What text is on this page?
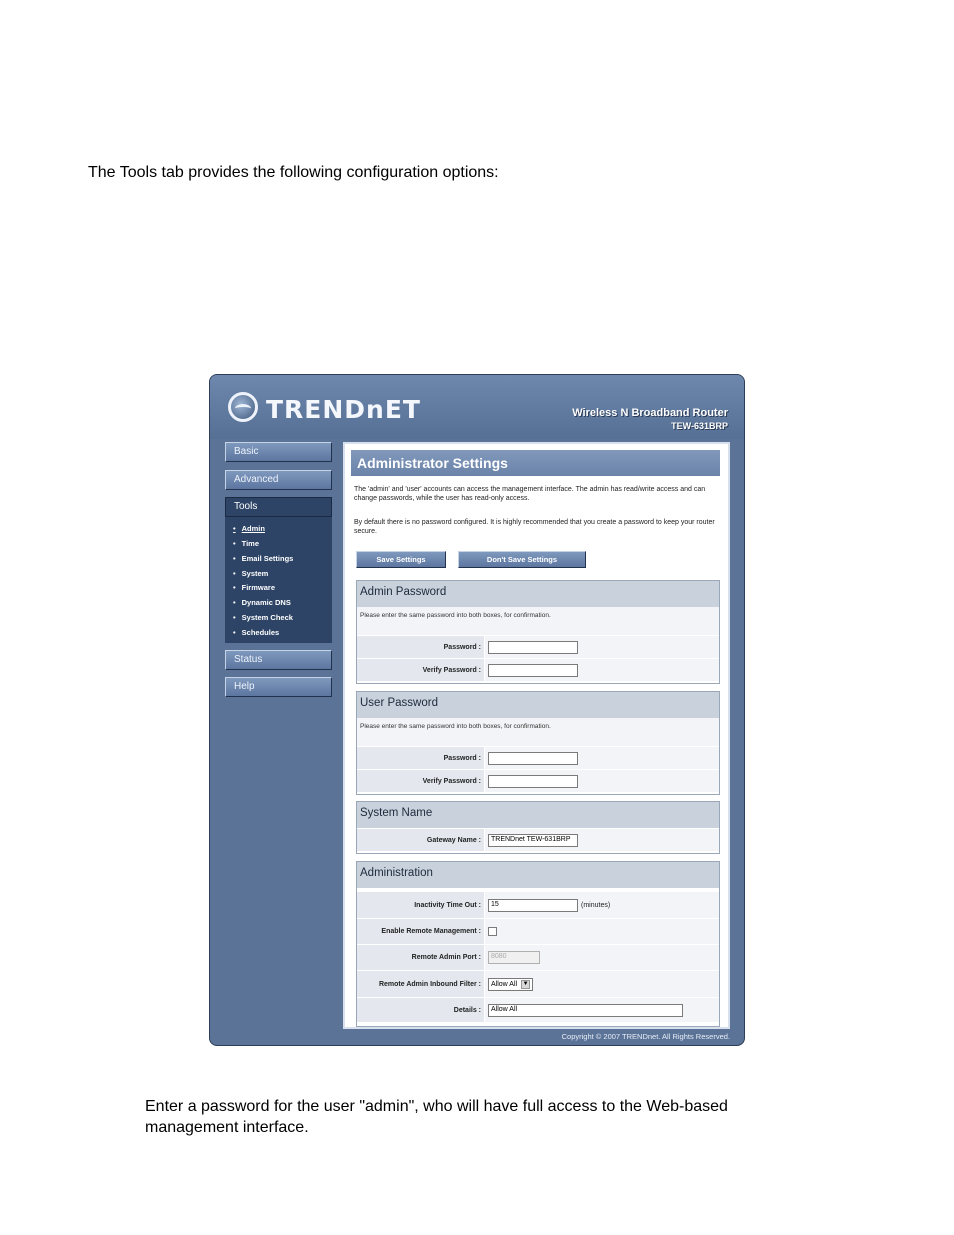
The Tools tab provides the following configuration options:
TRENDnET	Wireless N Broadband Router
TEW-631BRP
Basic
Advanced
Tools
• Admin
• Time
• Email Settings
• System
• Firmware
• Dynamic DNS
• System Check
• Schedules
Status
Help
Administrator Settings
The 'admin' and 'user' accounts can access the management interface. The admin has read/write access and can change passwords, while the user has read-only access.
By default there is no password configured. It is highly recommended that you create a password to keep your router secure.
Save Settings	Don't Save Settings
Admin Password
Please enter the same password into both boxes, for confirmation.
Password :
Verify Password :
User Password
Please enter the same password into both boxes, for confirmation.
Password :
Verify Password :
System Name
Gateway Name :	TRENDnet TEW-631BRP
Administration
Inactivity Time Out :	15	(minutes)
Enable Remote Management :
Remote Admin Port :	8080
Remote Admin Inbound Filter :	Allow All ▼
Details :	Allow All
Copyright © 2007 TRENDnet. All Rights Reserved.
Enter a password for the user "admin", who will have full access to the Web-based management interface.
